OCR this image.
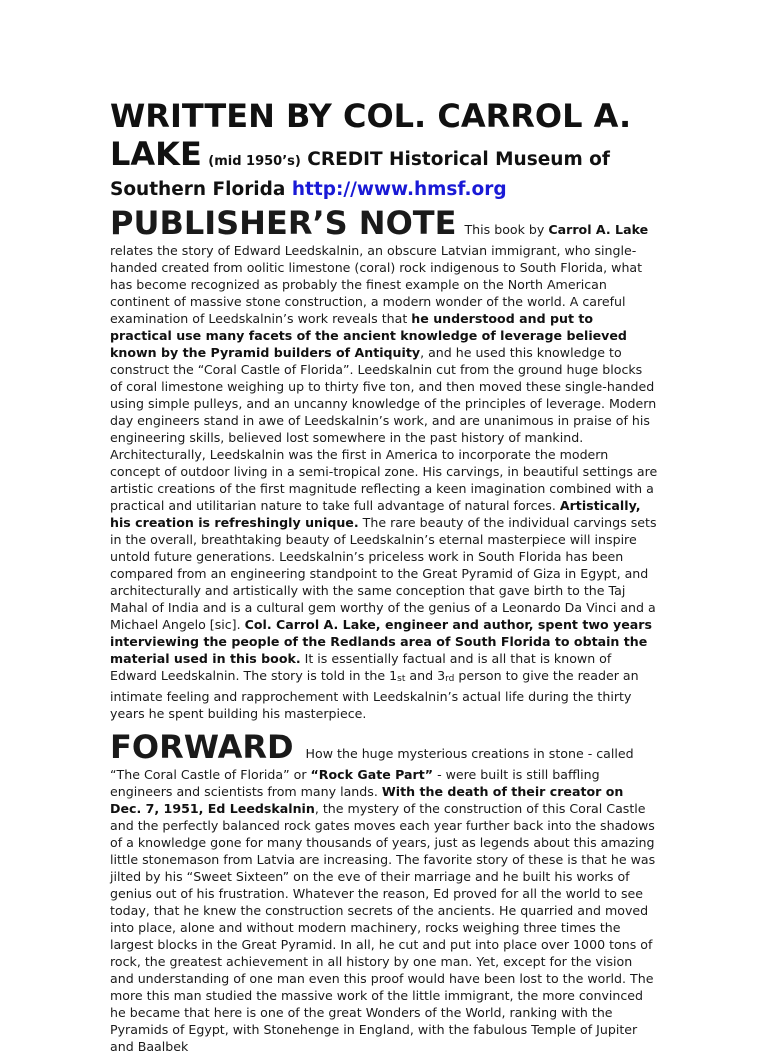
WRITTEN BY COL. CARROL A.
LAKE (mid 1950’s) CREDIT Historical Museum of
Southern Florida http://www.hmsf.org

PUBLISHER’S NOTE This book by Carrol A. Lake
relates the story of Edward Leedskalnin, an obscure Latvian immigrant, who single-handed created from oolitic limestone (coral) rock indigenous to South Florida, what has become recognized as probably the finest example on the North American continent of massive stone construction, a modern wonder of the world. A careful examination of Leedskalnin’s work reveals that he understood and put to practical use many facets of the ancient knowledge of leverage believed known by the Pyramid builders of Antiquity, and he used this knowledge to construct the “Coral Castle of Florida”. Leedskalnin cut from the ground huge blocks of coral limestone weighing up to thirty five ton, and then moved these single-handed using simple pulleys, and an uncanny knowledge of the principles of leverage. Modern day engineers stand in awe of Leedskalnin’s work, and are unanimous in praise of his engineering skills, believed lost somewhere in the past history of mankind. Architecturally, Leedskalnin was the first in America to incorporate the modern concept of outdoor living in a semi-tropical zone. His carvings, in beautiful settings are artistic creations of the first magnitude reflecting a keen imagination combined with a practical and utilitarian nature to take full advantage of natural forces. Artistically, his creation is refreshingly unique. The rare beauty of the individual carvings sets in the overall, breathtaking beauty of Leedskalnin’s eternal masterpiece will inspire untold future generations. Leedskalnin’s priceless work in South Florida has been compared from an engineering standpoint to the Great Pyramid of Giza in Egypt, and architecturally and artistically with the same conception that gave birth to the Taj Mahal of India and is a cultural gem worthy of the genius of a Leonardo Da Vinci and a Michael Angelo [sic]. Col. Carrol A. Lake, engineer and author, spent two years interviewing the people of the Redlands area of South Florida to obtain the material used in this book. It is essentially factual and is all that is known of Edward Leedskalnin. The story is told in the $1_{st}$ and $3_{rd}$ person to give the reader an intimate feeling and rapprochement with Leedskalnin’s actual life during the thirty years he spent building his masterpiece.

FORWARD How the huge mysterious creations in stone - called “The Coral Castle of Florida” or “Rock Gate Part” - were built is still baffling engineers and scientists from many lands. With the death of their creator on Dec. 7, 1951, Ed Leedskalnin, the mystery of the construction of this Coral Castle and the perfectly balanced rock gates moves each year further back into the shadows of a knowledge gone for many thousands of years, just as legends about this amazing little stonemason from Latvia are increasing. The favorite story of these is that he was jilted by his “Sweet Sixteen” on the eve of their marriage and he built his works of genius out of his frustration. Whatever the reason, Ed proved for all the world to see today, that he knew the construction secrets of the ancients. He quarried and moved into place, alone and without modern machinery, rocks weighing three times the largest blocks in the Great Pyramid. In all, he cut and put into place over 1000 tons of rock, the greatest achievement in all history by one man. Yet, except for the vision and understanding of one man even this proof would have been lost to the world. The more this man studied the massive work of the little immigrant, the more convinced he became that here is one of the great Wonders of the World, ranking with the Pyramids of Egypt, with Stonehenge in England, with the fabulous Temple of Jupiter and Baalbek
